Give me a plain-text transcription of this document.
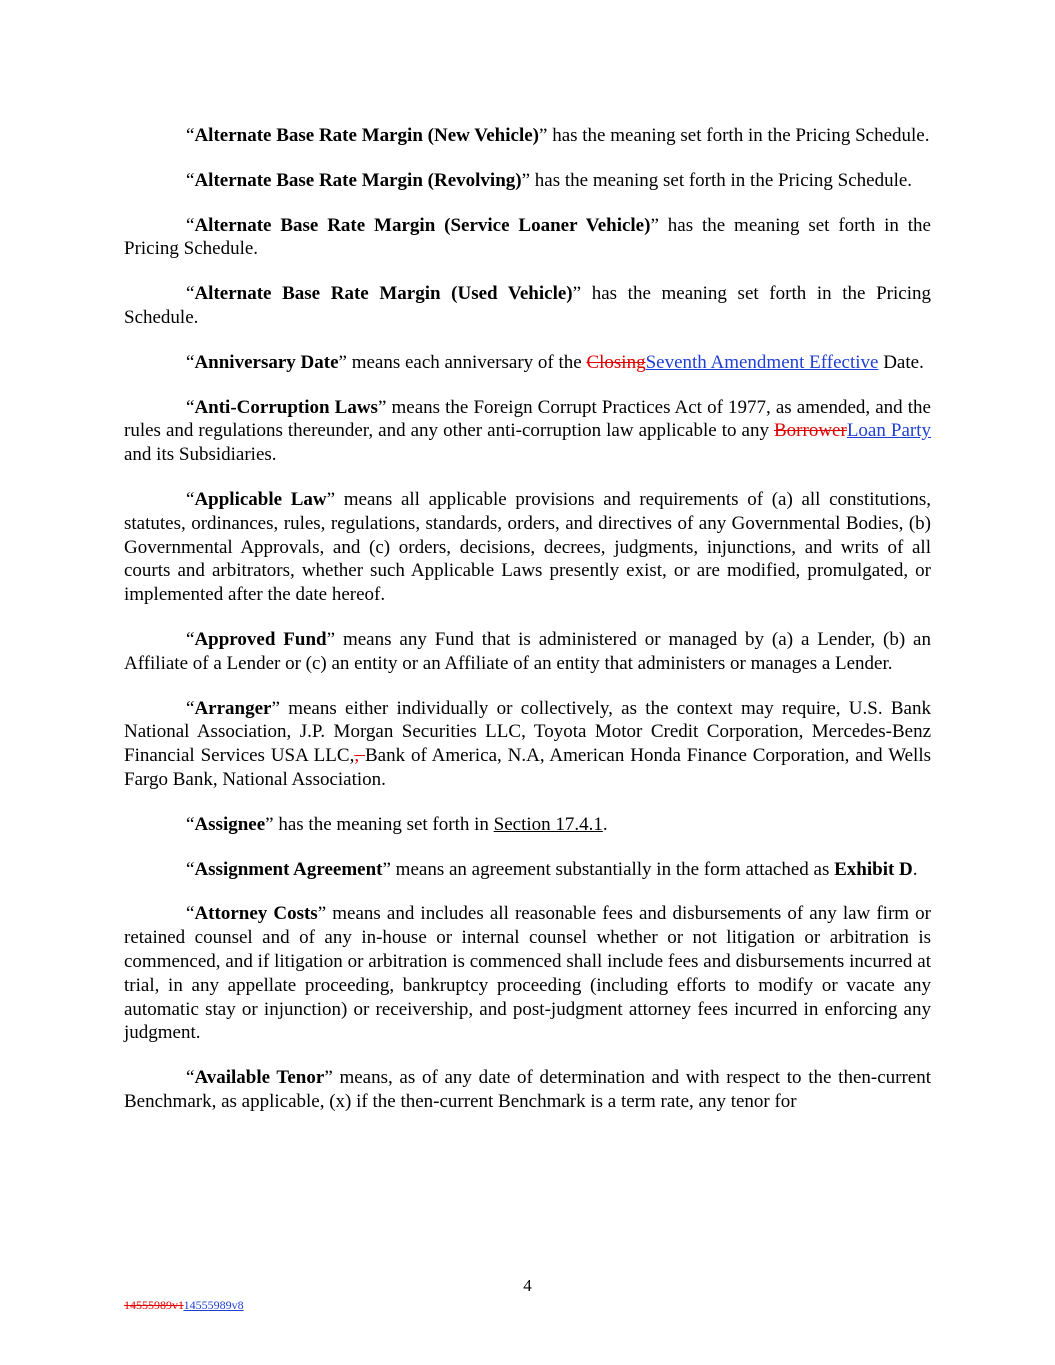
“Alternate Base Rate Margin (New Vehicle)” has the meaning set forth in the Pricing Schedule.

“Alternate Base Rate Margin (Revolving)” has the meaning set forth in the Pricing Schedule.

“Alternate Base Rate Margin (Service Loaner Vehicle)” has the meaning set forth in the Pricing Schedule.

“Alternate Base Rate Margin (Used Vehicle)” has the meaning set forth in the Pricing Schedule.

“Anniversary Date” means each anniversary of the ClosingSeventh Amendment Effective Date.

“Anti-Corruption Laws” means the Foreign Corrupt Practices Act of 1977, as amended, and the rules and regulations thereunder, and any other anti-corruption law applicable to any BorrowerLoan Party and its Subsidiaries.

“Applicable Law” means all applicable provisions and requirements of (a) all constitutions, statutes, ordinances, rules, regulations, standards, orders, and directives of any Governmental Bodies, (b) Governmental Approvals, and (c) orders, decisions, decrees, judgments, injunctions, and writs of all courts and arbitrators, whether such Applicable Laws presently exist, or are modified, promulgated, or implemented after the date hereof.

“Approved Fund” means any Fund that is administered or managed by (a) a Lender, (b) an Affiliate of a Lender or (c) an entity or an Affiliate of an entity that administers or manages a Lender.

“Arranger” means either individually or collectively, as the context may require, U.S. Bank National Association, J.P. Morgan Securities LLC, Toyota Motor Credit Corporation, Mercedes-Benz Financial Services USA LLC,, Bank of America, N.A, American Honda Finance Corporation, and Wells Fargo Bank, National Association.

“Assignee” has the meaning set forth in Section 17.4.1.

“Assignment Agreement” means an agreement substantially in the form attached as Exhibit D.

“Attorney Costs” means and includes all reasonable fees and disbursements of any law firm or retained counsel and of any in-house or internal counsel whether or not litigation or arbitration is commenced, and if litigation or arbitration is commenced shall include fees and disbursements incurred at trial, in any appellate proceeding, bankruptcy proceeding (including efforts to modify or vacate any automatic stay or injunction) or receivership, and post-judgment attorney fees incurred in enforcing any judgment.

“Available Tenor” means, as of any date of determination and with respect to the then-current Benchmark, as applicable, (x) if the then-current Benchmark is a term rate, any tenor for

4
14555989v114555989v8
